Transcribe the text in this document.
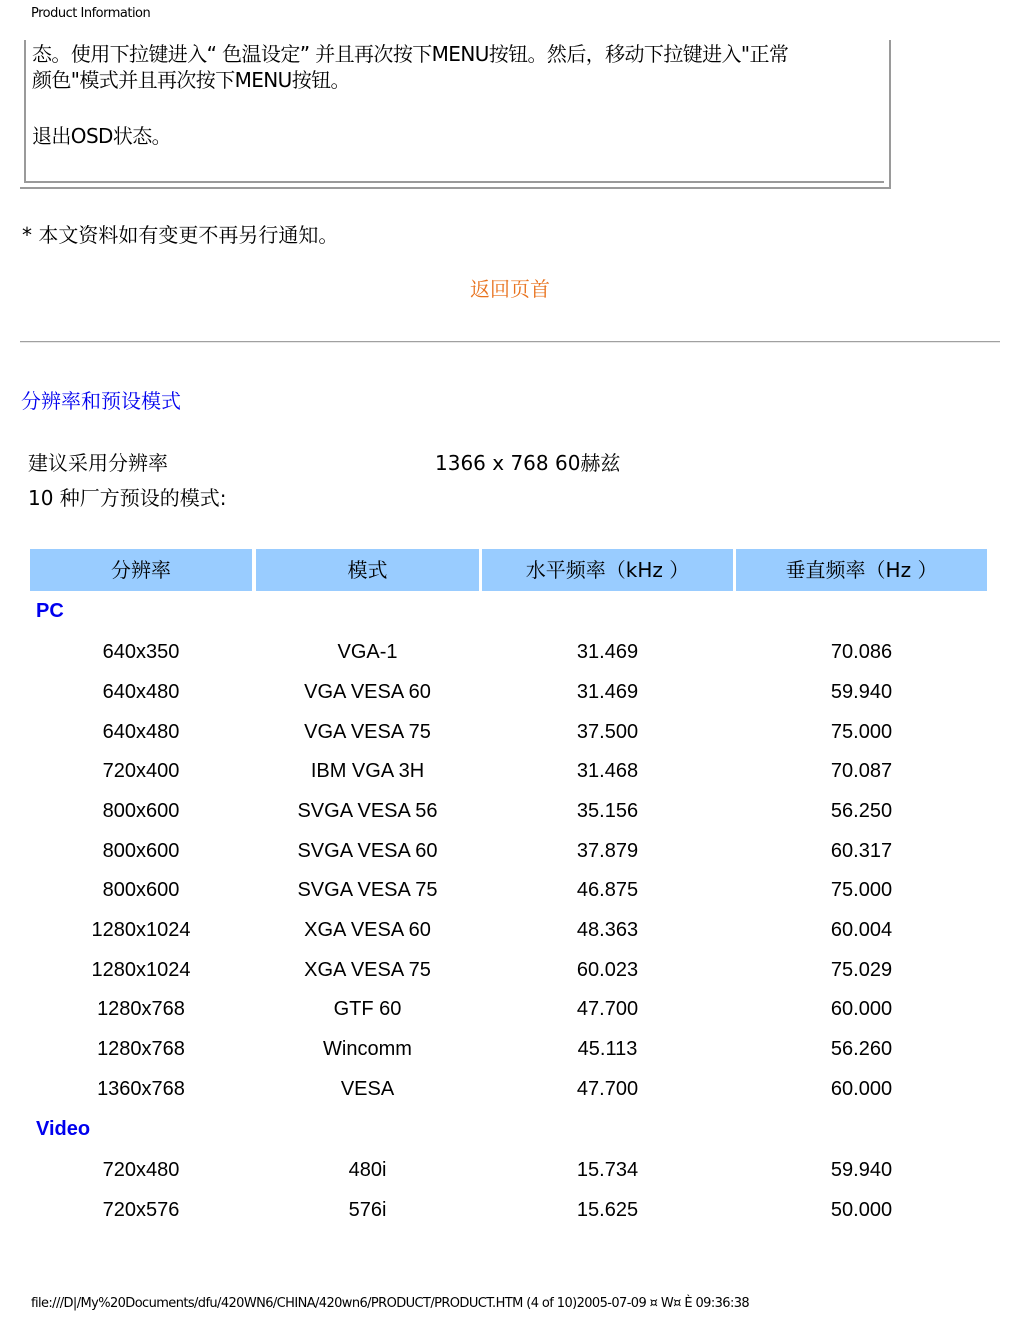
Product Information

态。使用下拉键进入“ 色温设定” 并且再次按下MENU按钮。然后，移动下拉键进入"正常

颜色"模式并且再次按下MENU按钮。

退出OSD状态。

* 本文资料如有变更不再另行通知。
返回页首
分辨率和预设模式
建议采用分辨率	1366 x 768 60赫兹
10 种厂方预设的模式:
分辨率	模式	水平频率（kHz ）	垂直频率（Hz ）
PC
640x350	VGA-1	31.469	70.086
640x480	VGA VESA 60	31.469	59.940
640x480	VGA VESA 75	37.500	75.000
720x400	IBM VGA 3H	31.468	70.087
800x600	SVGA VESA 56	35.156	56.250
800x600	SVGA VESA 60	37.879	60.317
800x600	SVGA VESA 75	46.875	75.000
1280x1024	XGA VESA 60	48.363	60.004
1280x1024	XGA VESA 75	60.023	75.029
1280x768	GTF 60	47.700	60.000
1280x768	Wincomm	45.113	56.260
1360x768	VESA	47.700	60.000
Video
720x480	480i	15.734	59.940
720x576	576i	15.625	50.000
file:///D|/My%20Documents/dfu/420WN6/CHINA/420wn6/PRODUCT/PRODUCT.HTM (4 of 10)2005-07-09 ¤ W¤ È 09:36:38
